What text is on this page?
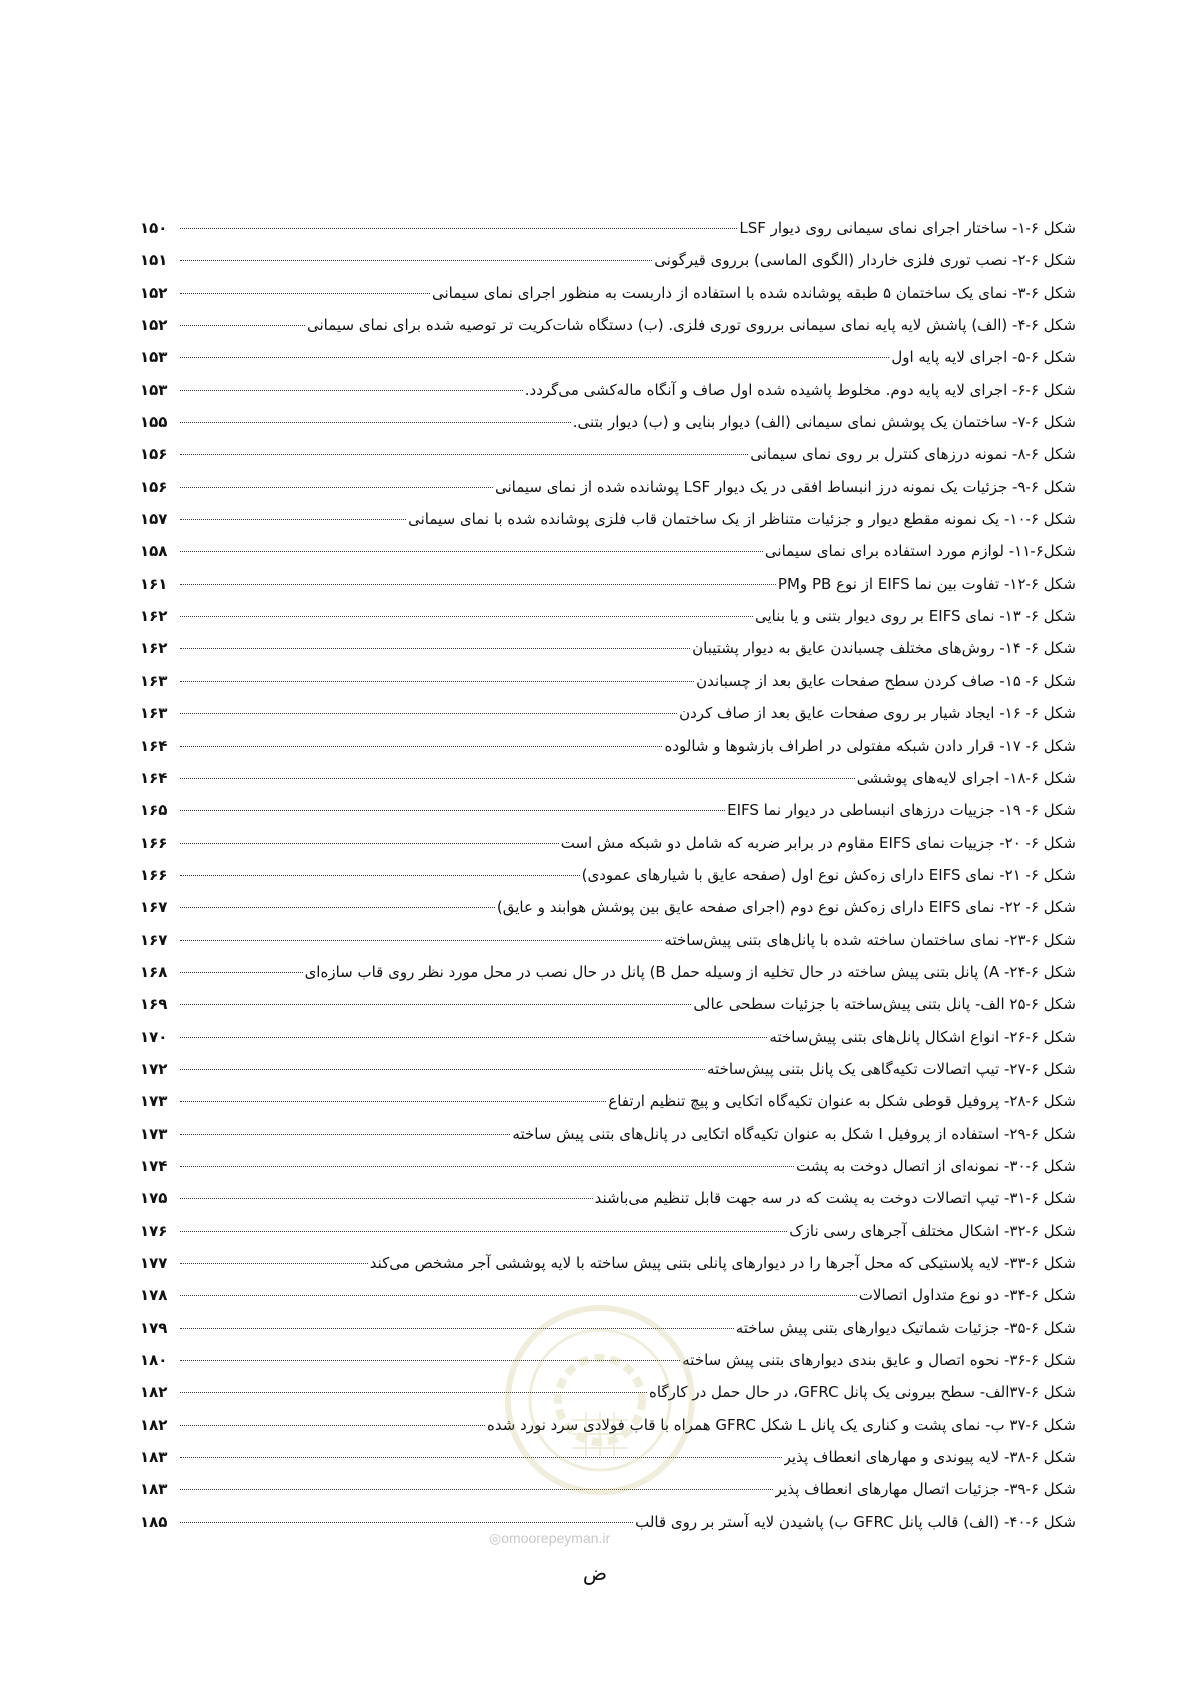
شکل ۶-۱- ساختار اجرای نمای سیمانی روی دیوار LSF
۱۵۰
شکل ۶-۲- نصب توری فلزی خاردار (الگوی الماسی) برروی قیرگونی
۱۵۱
شکل ۶-۳- نمای یک ساختمان ۵ طبقه پوشانده شده با استفاده از داربست به منظور اجرای نمای سیمانی
۱۵۲
شکل ۶-۴- (الف) پاشش لایه پایه نمای سیمانی برروی توری فلزی. (ب) دستگاه شات‌کریت تر توصیه شده برای نمای سیمانی
۱۵۲
شکل ۶-۵- اجرای لایه پایه اول
۱۵۳
شکل ۶-۶- اجرای لایه پایه دوم. مخلوط پاشیده شده اول صاف و آنگاه ماله‌کشی می‌گردد.
۱۵۳
شکل ۶-۷- ساختمان یک پوشش نمای سیمانی (الف) دیوار بنایی و (ب) دیوار بتنی.
۱۵۵
شکل ۶-۸- نمونه درزهای کنترل بر روی نمای سیمانی
۱۵۶
شکل ۶-۹- جزئیات یک نمونه درز انبساط افقی در یک دیوار LSF پوشانده شده از نمای سیمانی
۱۵۶
شکل ۶-۱۰- یک نمونه مقطع دیوار و جزئیات متناظر از یک ساختمان قاب فلزی پوشانده شده با نمای سیمانی
۱۵۷
شکل۶-۱۱- لوازم مورد استفاده برای نمای سیمانی
۱۵۸
شکل ۶-۱۲- تفاوت بین نما EIFS از نوع PB وPM
۱۶۱
شکل ۶- ۱۳- نمای EIFS بر روی دیوار بتنی و یا بنایی
۱۶۲
شکل ۶- ۱۴- روش‌های مختلف چسباندن عایق به دیوار پشتیبان
۱۶۲
شکل ۶- ۱۵- صاف کردن سطح صفحات عایق بعد از چسباندن
۱۶۳
شکل ۶- ۱۶- ایجاد شیار بر روی صفحات عایق بعد از صاف کردن
۱۶۳
شکل ۶- ۱۷- قرار دادن شبکه مفتولی در اطراف بازشوها و شالوده
۱۶۴
شکل ۶-۱۸- اجرای لایه‌های پوششی
۱۶۴
شکل ۶- ۱۹- جزییات درزهای انبساطی در دیوار نما EIFS
۱۶۵
شکل ۶- ۲۰- جزییات نمای EIFS مقاوم در برابر ضربه که شامل دو شبکه مش است
۱۶۶
شکل ۶- ۲۱- نمای EIFS دارای زه‌کش نوع اول (صفحه عایق با شیارهای عمودی)
۱۶۶
شکل ۶- ۲۲- نمای EIFS دارای زه‌کش نوع دوم (اجرای صفحه عایق بین پوشش هوابند و عایق)
۱۶۷
شکل ۶-۲۳- نمای ساختمان ساخته شده با پانل‌های بتنی پیش‌ساخته
۱۶۷
شکل ۶-۲۴- A) پانل بتنی پیش ساخته در حال تخلیه از وسیله حمل B) پانل در حال نصب در محل مورد نظر روی قاب سازه‌ای
۱۶۸
شکل ۶-۲۵ الف- پانل بتنی پیش‌ساخته با جزئیات سطحی عالی
۱۶۹
شکل ۶-۲۶- انواع اشکال پانل‌های بتنی پیش‌ساخته
۱۷۰
شکل ۶-۲۷- تیپ اتصالات تکیه‌گاهی یک پانل بتنی پیش‌ساخته
۱۷۲
شکل ۶-۲۸- پروفیل قوطی شکل به عنوان تکیه‌گاه اتکایی و پیچ تنظیم ارتفاع
۱۷۳
شکل ۶-۲۹- استفاده از پروفیل I شکل به عنوان تکیه‌گاه اتکایی در پانل‌های بتنی پیش ساخته
۱۷۳
شکل ۶-۳۰- نمونه‌ای از اتصال دوخت به پشت
۱۷۴
شکل ۶-۳۱- تیپ اتصالات دوخت به پشت که در سه جهت قابل تنظیم می‌باشند
۱۷۵
شکل ۶-۳۲- اشکال مختلف آجرهای رسی نازک
۱۷۶
شکل ۶-۳۳- لایه پلاستیکی که محل آجرها را در دیوارهای پانلی بتنی پیش ساخته با لایه پوششی آجر مشخص می‌کند
۱۷۷
شکل ۶-۳۴- دو نوع متداول اتصالات
۱۷۸
شکل ۶-۳۵- جزئیات شماتیک دیوارهای بتنی پیش ساخته
۱۷۹
شکل ۶-۳۶- نحوه اتصال و عایق بندی دیوارهای بتنی پیش ساخته
۱۸۰
شکل ۶-۳۷الف- سطح بیرونی یک پانل GFRC، در حال حمل در کارگاه
۱۸۲
شکل ۶-۳۷ ب- نمای پشت و کناری یک پانل L شکل GFRC همراه با قاب فولادی سرد نورد شده
۱۸۲
شکل ۶-۳۸- لایه پیوندی و مهارهای انعطاف پذیر
۱۸۳
شکل ۶-۳۹- جزئیات اتصال مهارهای انعطاف پذیر
۱۸۳
شکل ۶-۴۰- (الف) قالب پانل GFRC ب) پاشیدن لایه آستر بر روی قالب
۱۸۵
◎omoorepeyman.ir
ض
